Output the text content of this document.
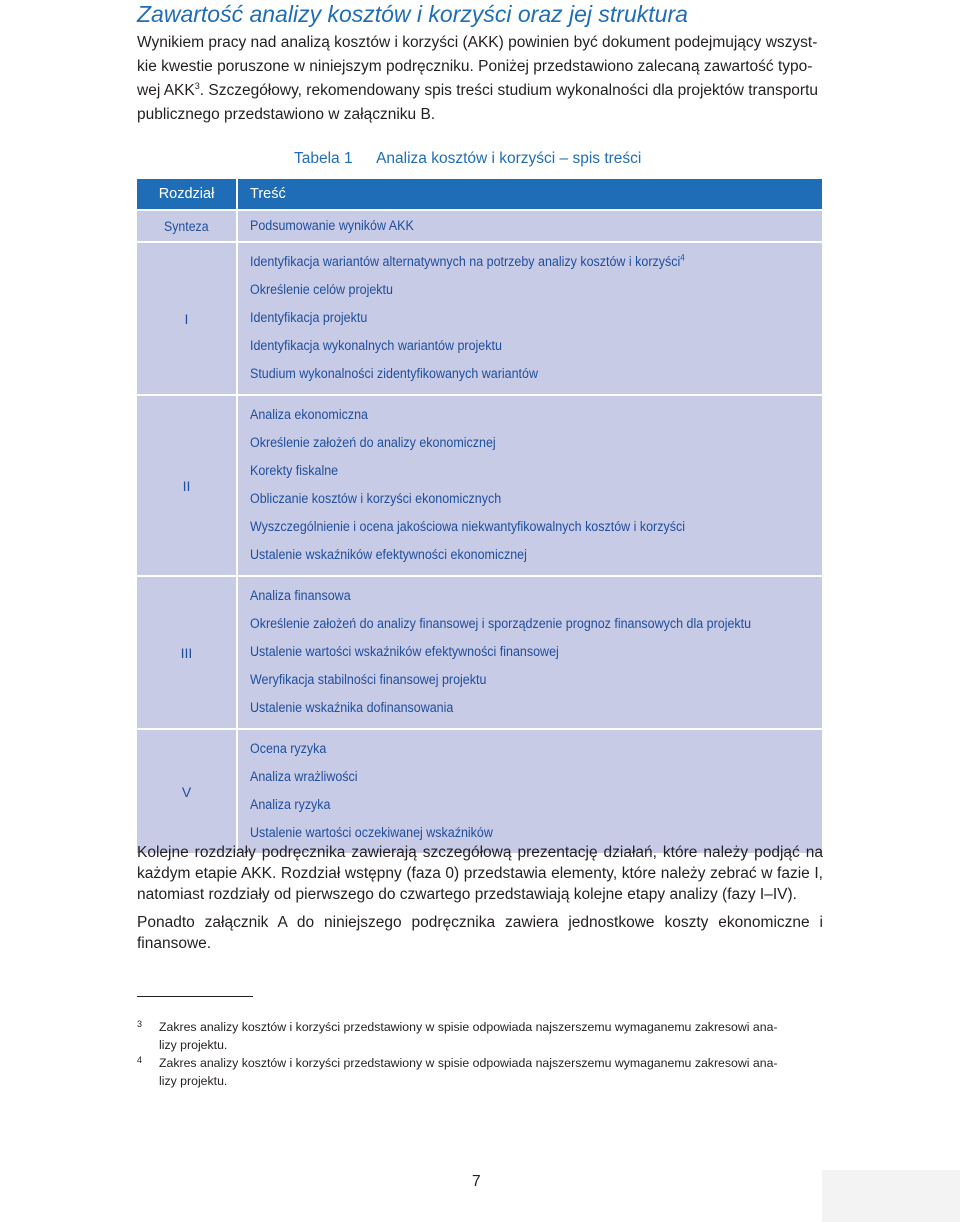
Zawartość analizy kosztów i korzyści oraz jej struktura
Wynikiem pracy nad analizą kosztów i korzyści (AKK) powinien być dokument podejmujący wszyst-
kie kwestie poruszone w niniejszym podręczniku. Poniżej przedstawiono zalecaną zawartość typo-
wej AKK$^3$. Szczegółowy, rekomendowany spis treści studium wykonalności dla projektów transportu
publicznego przedstawiono w załączniku B.
Tabela 1 Analiza kosztów i korzyści – spis treści
Rozdział	Treść
Synteza	Podsumowanie wyników AKK
I
Identyfikacja wariantów alternatywnych na potrzeby analizy kosztów i korzyści$^4$
Określenie celów projektu
Identyfikacja projektu
Identyfikacja wykonalnych wariantów projektu
Studium wykonalności zidentyfikowanych wariantów
II
Analiza ekonomiczna
Określenie założeń do analizy ekonomicznej
Korekty fiskalne
Obliczanie kosztów i korzyści ekonomicznych
Wyszczególnienie i ocena jakościowa niekwantyfikowalnych kosztów i korzyści
Ustalenie wskaźników efektywności ekonomicznej
III
Analiza finansowa
Określenie założeń do analizy finansowej i sporządzenie prognoz finansowych dla projektu
Ustalenie wartości wskaźników efektywności finansowej
Weryfikacja stabilności finansowej projektu
Ustalenie wskaźnika dofinansowania
V
Ocena ryzyka
Analiza wrażliwości
Analiza ryzyka
Ustalenie wartości oczekiwanej wskaźników
Kolejne rozdziały podręcznika zawierają szczegółową prezentację działań, które należy podjąć na każdym etapie AKK. Rozdział wstępny (faza 0) przedstawia elementy, które należy zebrać w fazie I, natomiast rozdziały od pierwszego do czwartego przedstawiają kolejne etapy analizy (fazy I–IV).
Ponadto załącznik A do niniejszego podręcznika zawiera jednostkowe koszty ekonomiczne i finansowe.
3 Zakres analizy kosztów i korzyści przedstawiony w spisie odpowiada najszerszemu wymaganemu zakresowi ana-
lizy projektu.
4 Zakres analizy kosztów i korzyści przedstawiony w spisie odpowiada najszerszemu wymaganemu zakresowi ana-
lizy projektu.
7
